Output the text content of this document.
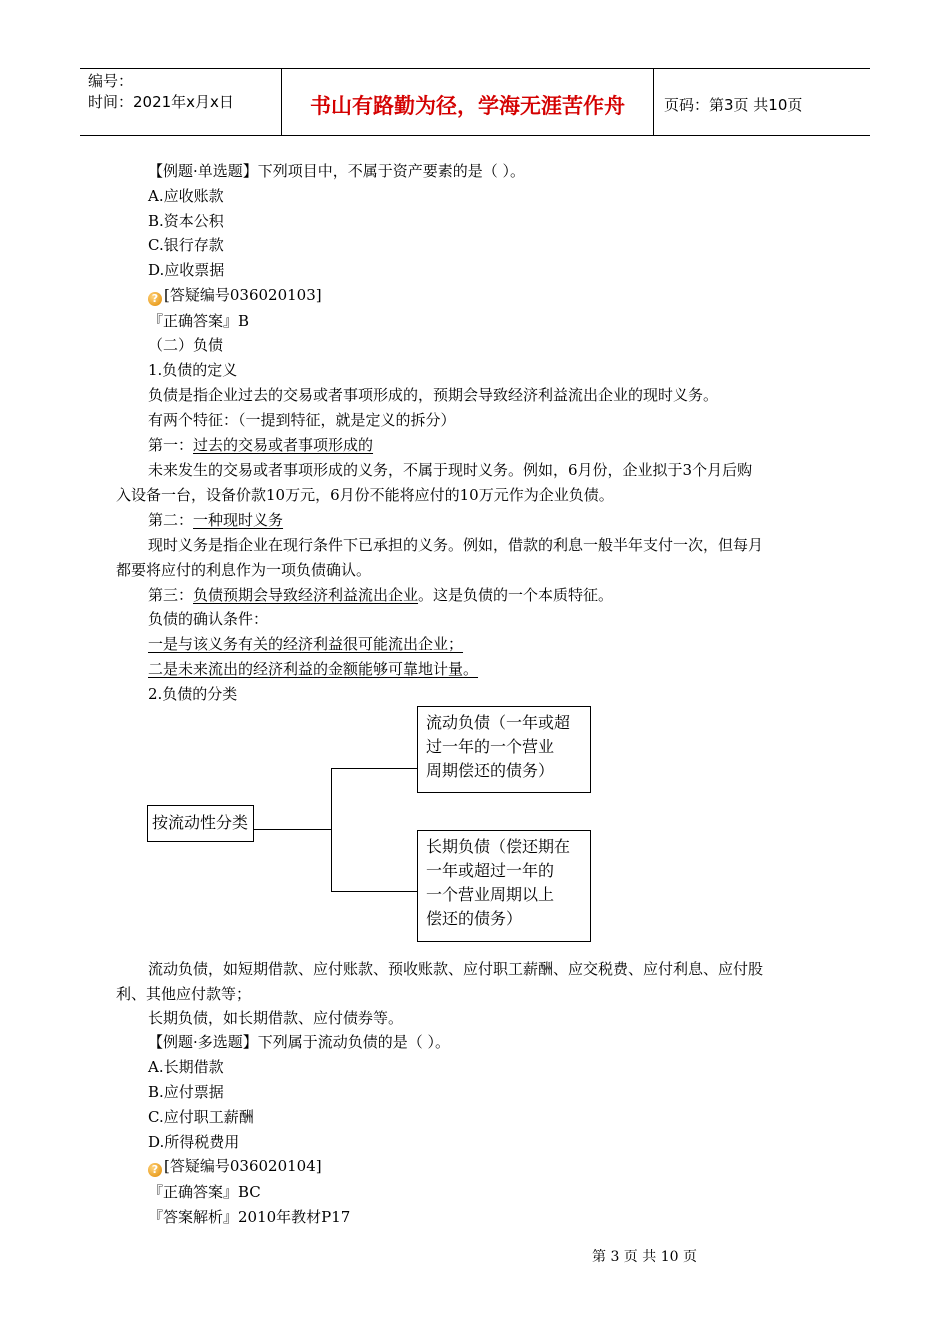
编号：
时间：2021年x月x日	书山有路勤为径，学海无涯苦作舟	页码：第3页 共10页
【例题·单选题】下列项目中，不属于资产要素的是（ ）。
A.应收账款
B.资本公积
C.银行存款
D.应收票据
? [答疑编号036020103]
『正确答案』B
（二）负债
1.负债的定义
负债是指企业过去的交易或者事项形成的，预期会导致经济利益流出企业的现时义务。
有两个特征：（一提到特征，就是定义的拆分）
第一：过去的交易或者事项形成的
未来发生的交易或者事项形成的义务，不属于现时义务。例如，6月份，企业拟于3个月后购
入设备一台，设备价款10万元，6月份不能将应付的10万元作为企业负债。
第二：一种现时义务
现时义务是指企业在现行条件下已承担的义务。例如，借款的利息一般半年支付一次，但每月
都要将应付的利息作为一项负债确认。
第三：负债预期会导致经济利益流出企业。这是负债的一个本质特征。
负债的确认条件：
一是与该义务有关的经济利益很可能流出企业；
二是未来流出的经济利益的金额能够可靠地计量。
2.负债的分类
按流动性分类
流动负债（一年或超
过一年的一个营业
周期偿还的债务）
长期负债（偿还期在
一年或超过一年的
一个营业周期以上
偿还的债务）
流动负债，如短期借款、应付账款、预收账款、应付职工薪酬、应交税费、应付利息、应付股
利、其他应付款等；
长期负债，如长期借款、应付债券等。
【例题·多选题】下列属于流动负债的是（ ）。
A.长期借款
B.应付票据
C.应付职工薪酬
D.所得税费用
? [答疑编号036020104]
『正确答案』BC
『答案解析』2010年教材P17
第 3 页 共 10 页
